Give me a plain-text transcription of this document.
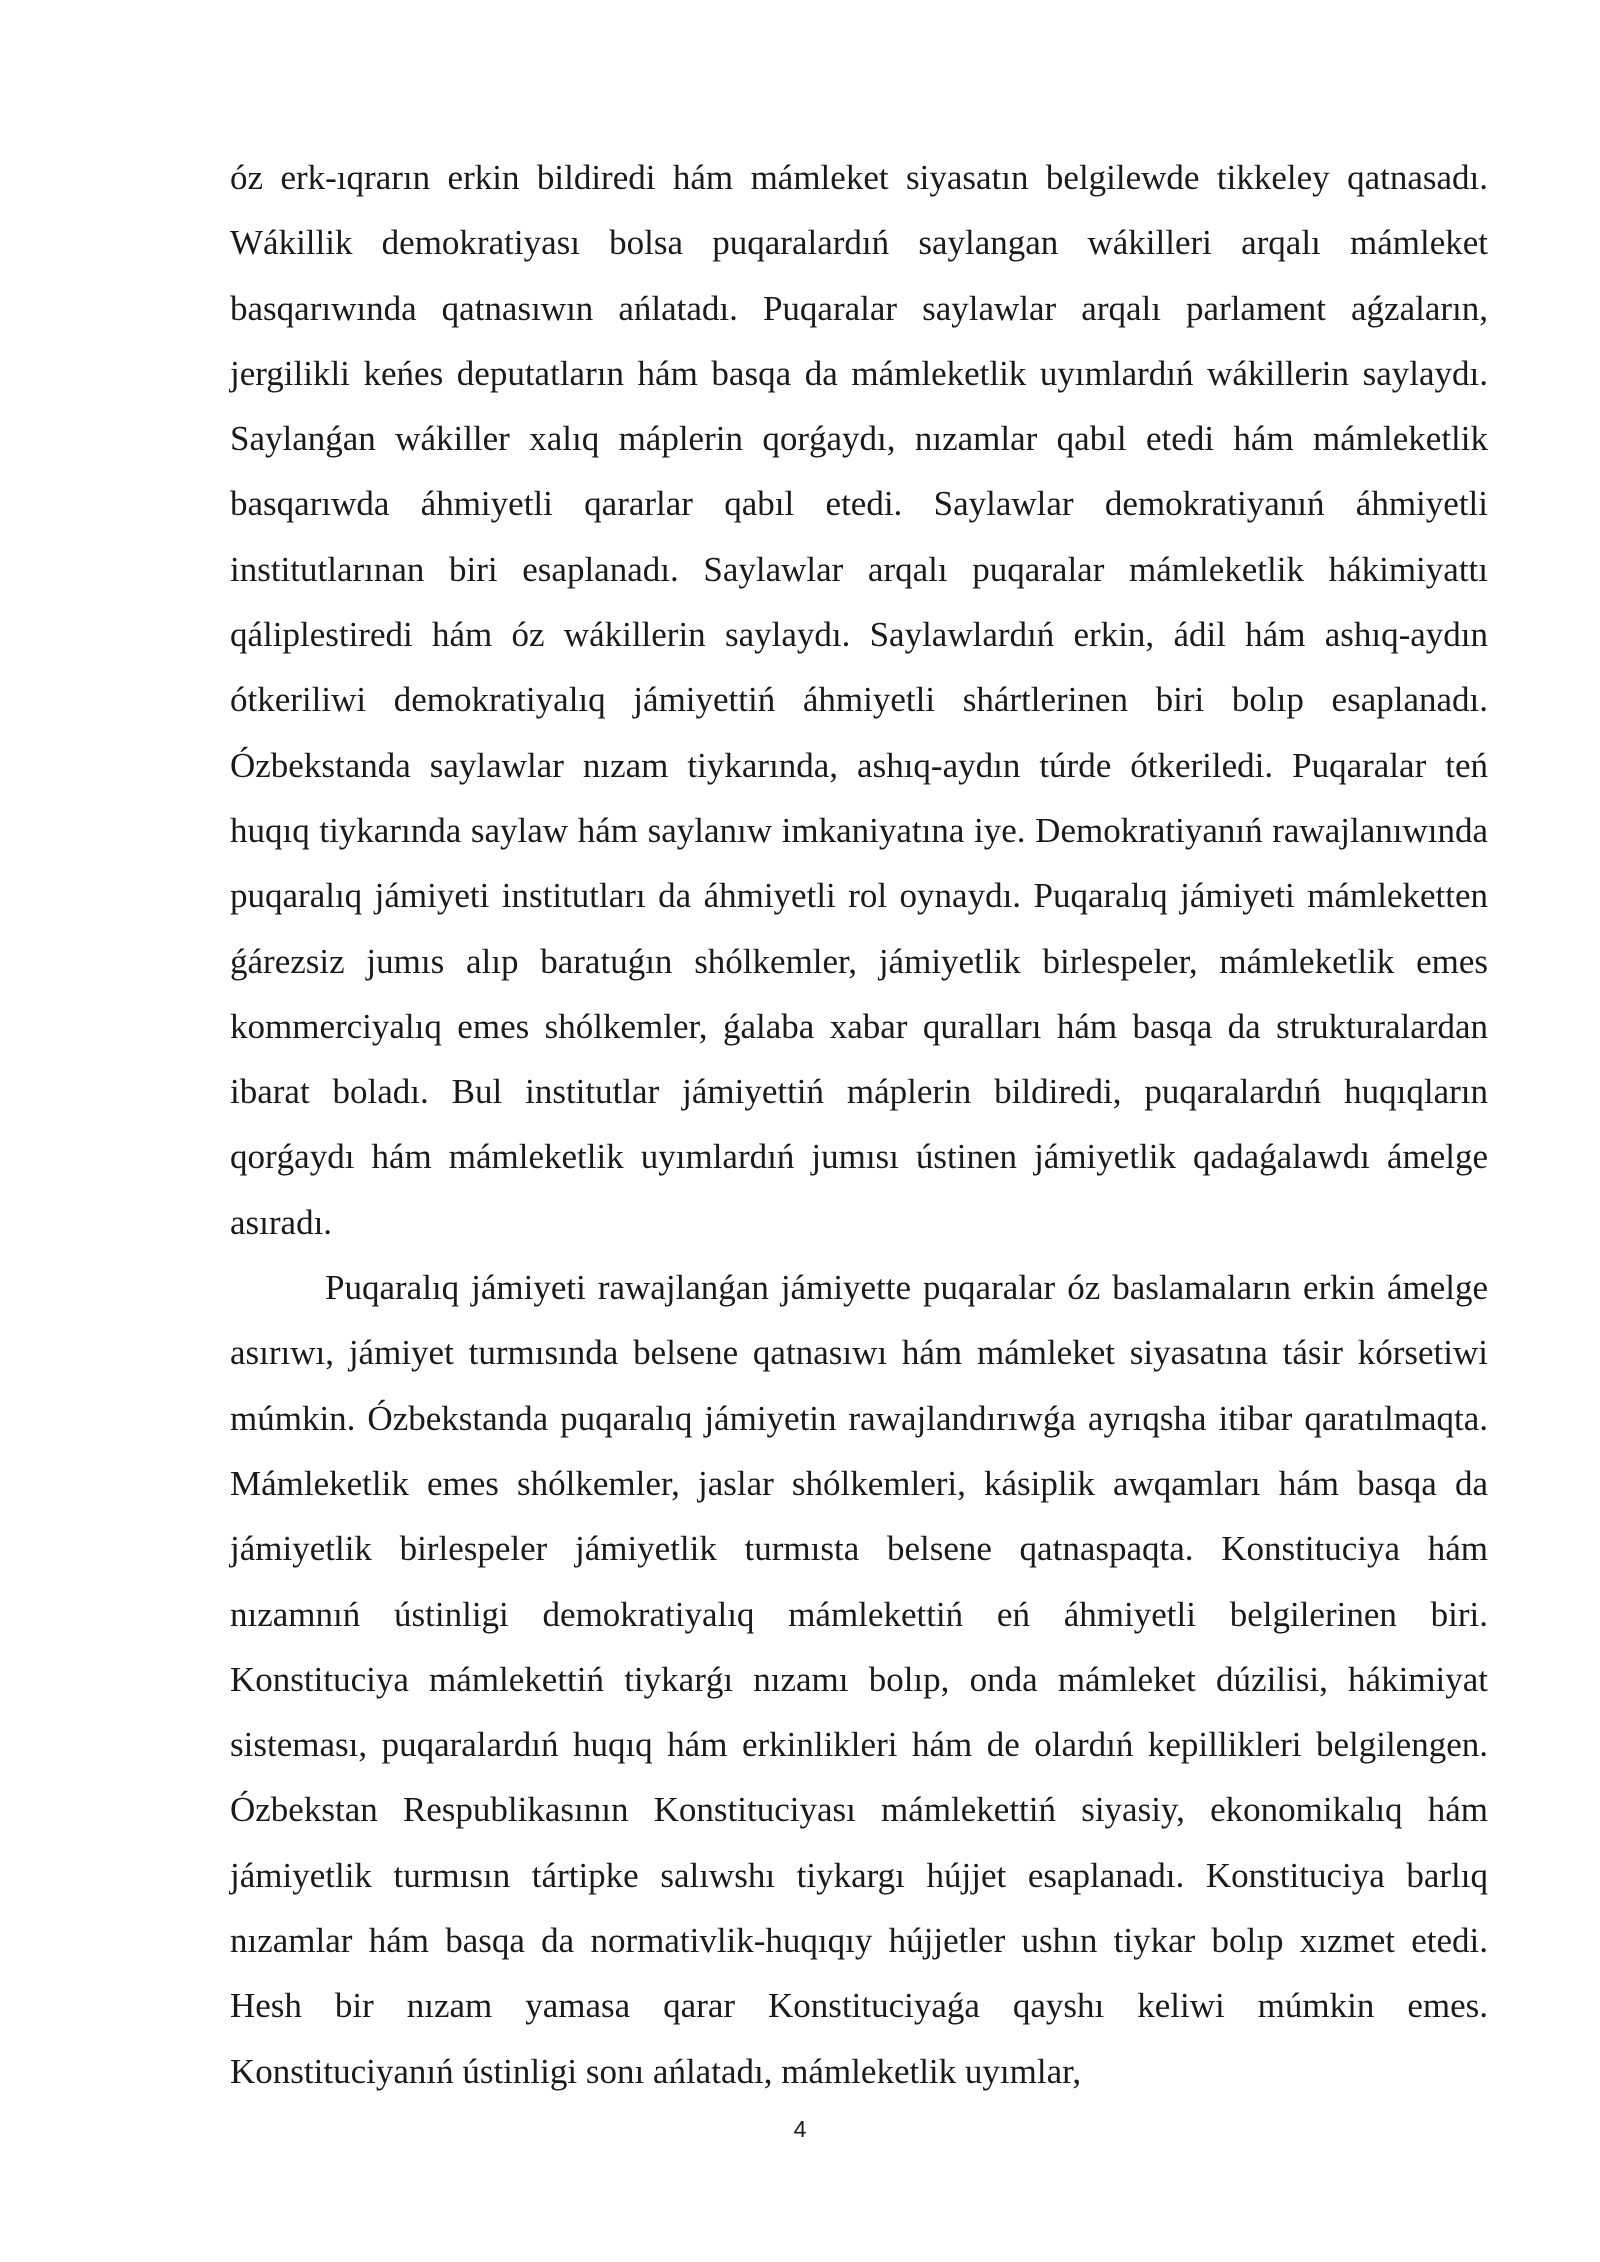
óz erk-ıqrarın erkin bildiredi hám mámleket siyasatın belgilewde tikkeley qatnasadı. Wákillik demokratiyası bolsa puqaralardıń saylangan wákilleri arqalı mámleket basqarıwında qatnasıwın ańlatadı. Puqaralar saylawlar arqalı parlament aǵzaların, jergilikli keńes deputatların hám basqa da mámleketlik uyımlardıń wákillerin saylaydı. Saylanǵan wákiller xalıq máplerin qorǵaydı, nızamlar qabıl etedi hám mámleketlik basqarıwda áhmiyetli qararlar qabıl etedi. Saylawlar demokratiyanıń áhmiyetli institutlarınan biri esaplanadı. Saylawlar arqalı puqaralar mámleketlik hákimiyattı qáliplestiredi hám óz wákillerin saylaydı. Saylawlardıń erkin, ádil hám ashıq-aydın ótkeriliwi demokratiyalıq jámiyettiń áhmiyetli shártlerinen biri bolıp esaplanadı. Ózbekstanda saylawlar nızam tiykarında, ashıq-aydın túrde ótkeriledi. Puqaralar teń huqıq tiykarında saylaw hám saylanıw imkaniyatına iye. Demokratiyanıń rawajlanıwında puqaralıq jámiyeti institutları da áhmiyetli rol oynaydı. Puqaralıq jámiyeti mámleketten ǵárezsiz jumıs alıp baratuǵın shólkemler, jámiyetlik birlespeler, mámleketlik emes kommerciyalıq emes shólkemler, ǵalaba xabar quralları hám basqa da strukturalardan ibarat boladı. Bul institutlar jámiyettiń máplerin bildiredi, puqaralardıń huqıqların qorǵaydı hám mámleketlik uyımlardıń jumısı ústinen jámiyetlik qadaǵalawdı ámelge asıradı.

Puqaralıq jámiyeti rawajlanǵan jámiyette puqaralar óz baslamaların erkin ámelge asırıwı, jámiyet turmısında belsene qatnasıwı hám mámleket siyasatına tásir kórsetiwi múmkin. Ózbekstanda puqaralıq jámiyetin rawajlandırıwǵa ayrıqsha itibar qaratılmaqta. Mámleketlik emes shólkemler, jaslar shólkemleri, kásiplik awqamları hám basqa da jámiyetlik birlespeler jámiyetlik turmısta belsene qatnaspaqta. Konstituciya hám nızamnıń ústinligi demokratiyalıq mámlekettiń eń áhmiyetli belgilerinen biri. Konstituciya mámlekettiń tiykarǵı nızamı bolıp, onda mámleket dúzilisi, hákimiyat sisteması, puqaralardıń huqıq hám erkinlikleri hám de olardıń kepillikleri belgilengen. Ózbekstan Respublikasının Konstituciyası mámlekettiń siyasiy, ekonomikalıq hám jámiyetlik turmısın tártipke salıwshı tiykargı hújjet esaplanadı. Konstituciya barlıq nızamlar hám basqa da normativlik-huqıqıy hújjetler ushın tiykar bolıp xızmet etedi. Hesh bir nızam yamasa qarar Konstituciyaǵa qayshı keliwi múmkin emes. Konstituciyanıń ústinligi sonı ańlatadı, mámleketlik uyımlar,

4
